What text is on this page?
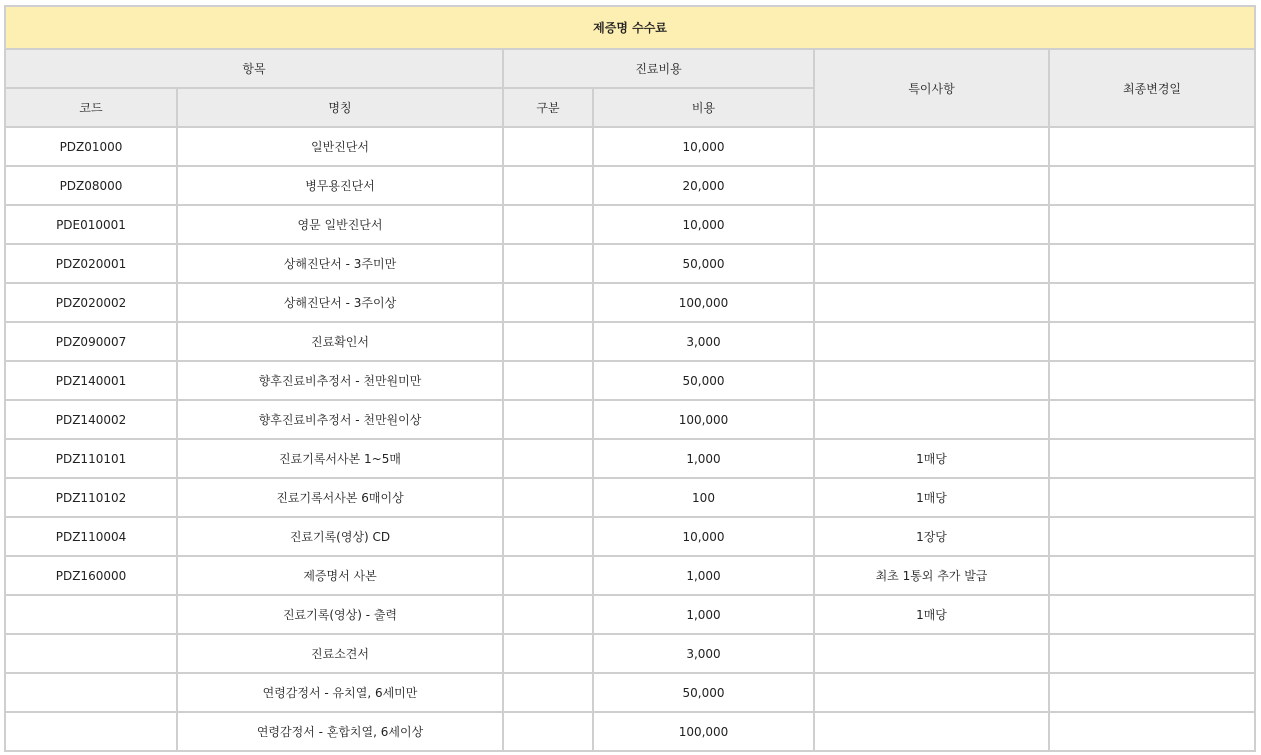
제증명 수수료					
항목		진료비용		특이사항	최종변경일
코드	명칭	구분	비용		
PDZ01000	일반진단서		10,000		
PDZ08000	병무용진단서		20,000		
PDE010001	영문 일반진단서		10,000		
PDZ020001	상해진단서 - 3주미만		50,000		
PDZ020002	상해진단서 - 3주이상		100,000		
PDZ090007	진료확인서		3,000		
PDZ140001	향후진료비추정서 - 천만원미만		50,000		
PDZ140002	향후진료비추정서 - 천만원이상		100,000		
PDZ110101	진료기록서사본 1~5매		1,000	1매당	
PDZ110102	진료기록서사본 6매이상		100	1매당	
PDZ110004	진료기록(영상) CD		10,000	1장당	
PDZ160000	제증명서 사본		1,000	최초 1통외 추가 발급	
	진료기록(영상) - 출력		1,000	1매당	
	진료소견서		3,000		
	연령감정서 - 유치열, 6세미만		50,000		
	연령감정서 - 혼합치열, 6세이상		100,000		
